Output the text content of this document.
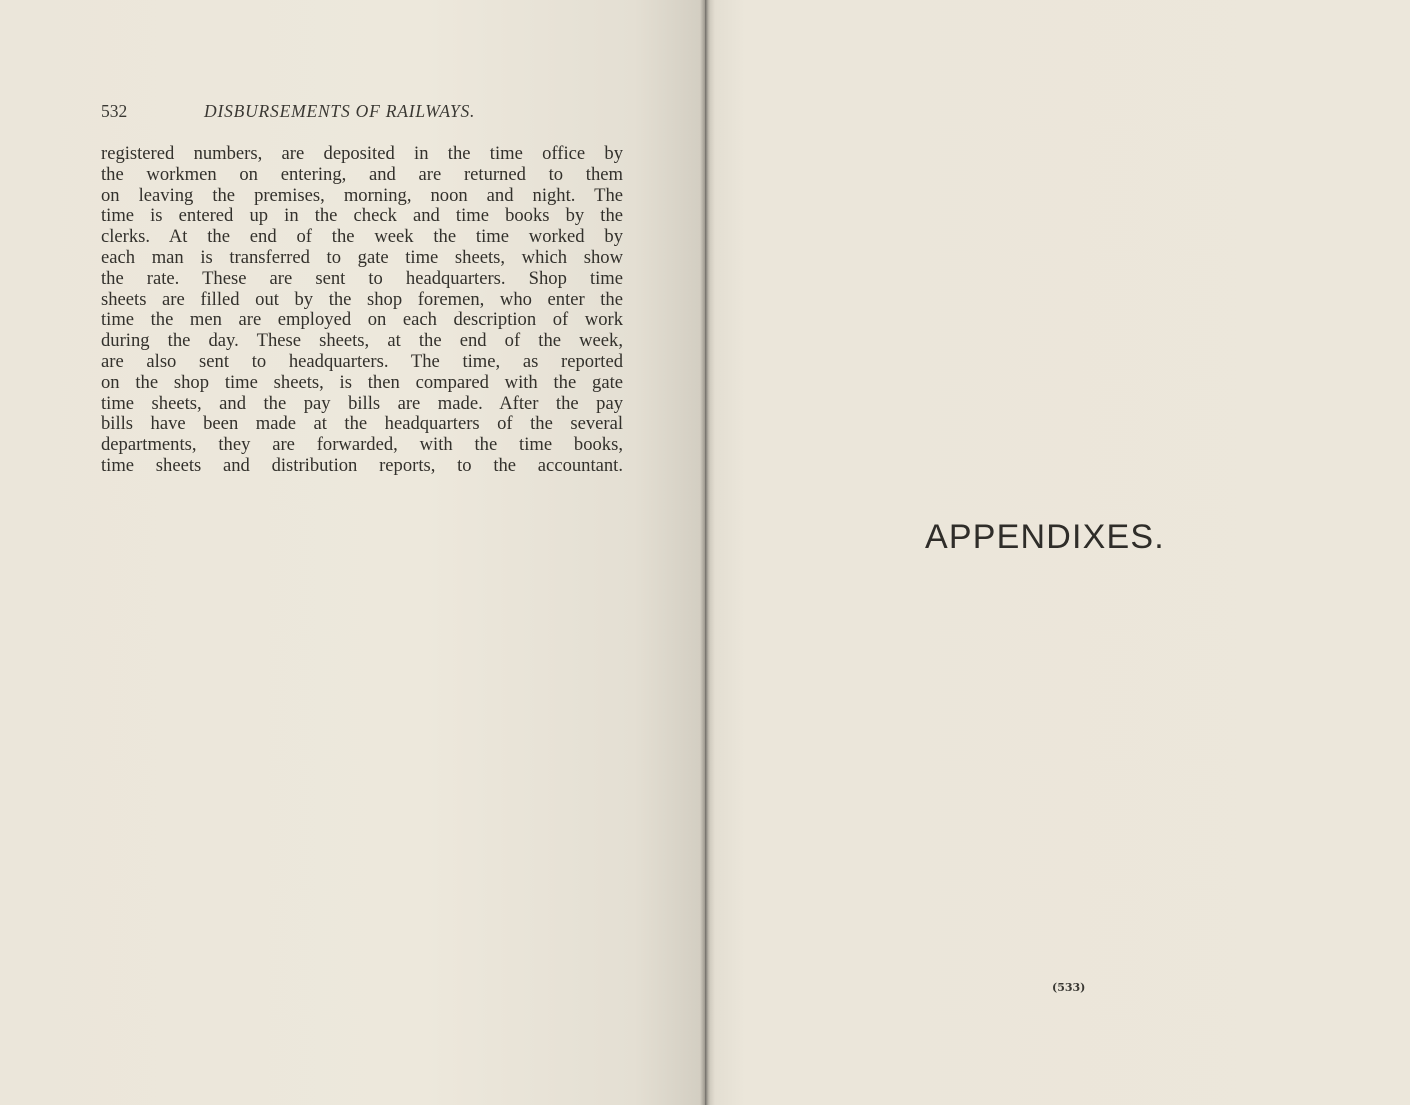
532	DISBURSEMENTS OF RAILWAYS.

registered numbers, are deposited in the time office by
the workmen on entering, and are returned to them
on leaving the premises, morning, noon and night. The
time is entered up in the check and time books by the
clerks. At the end of the week the time worked by
each man is transferred to gate time sheets, which show
the rate. These are sent to headquarters. Shop time
sheets are filled out by the shop foremen, who enter the
time the men are employed on each description of work
during the day. These sheets, at the end of the week,
are also sent to headquarters. The time, as reported
on the shop time sheets, is then compared with the gate
time sheets, and the pay bills are made. After the pay
bills have been made at the headquarters of the several
departments, they are forwarded, with the time books,
time sheets and distribution reports, to the accountant.

APPENDIXES.
(533)
